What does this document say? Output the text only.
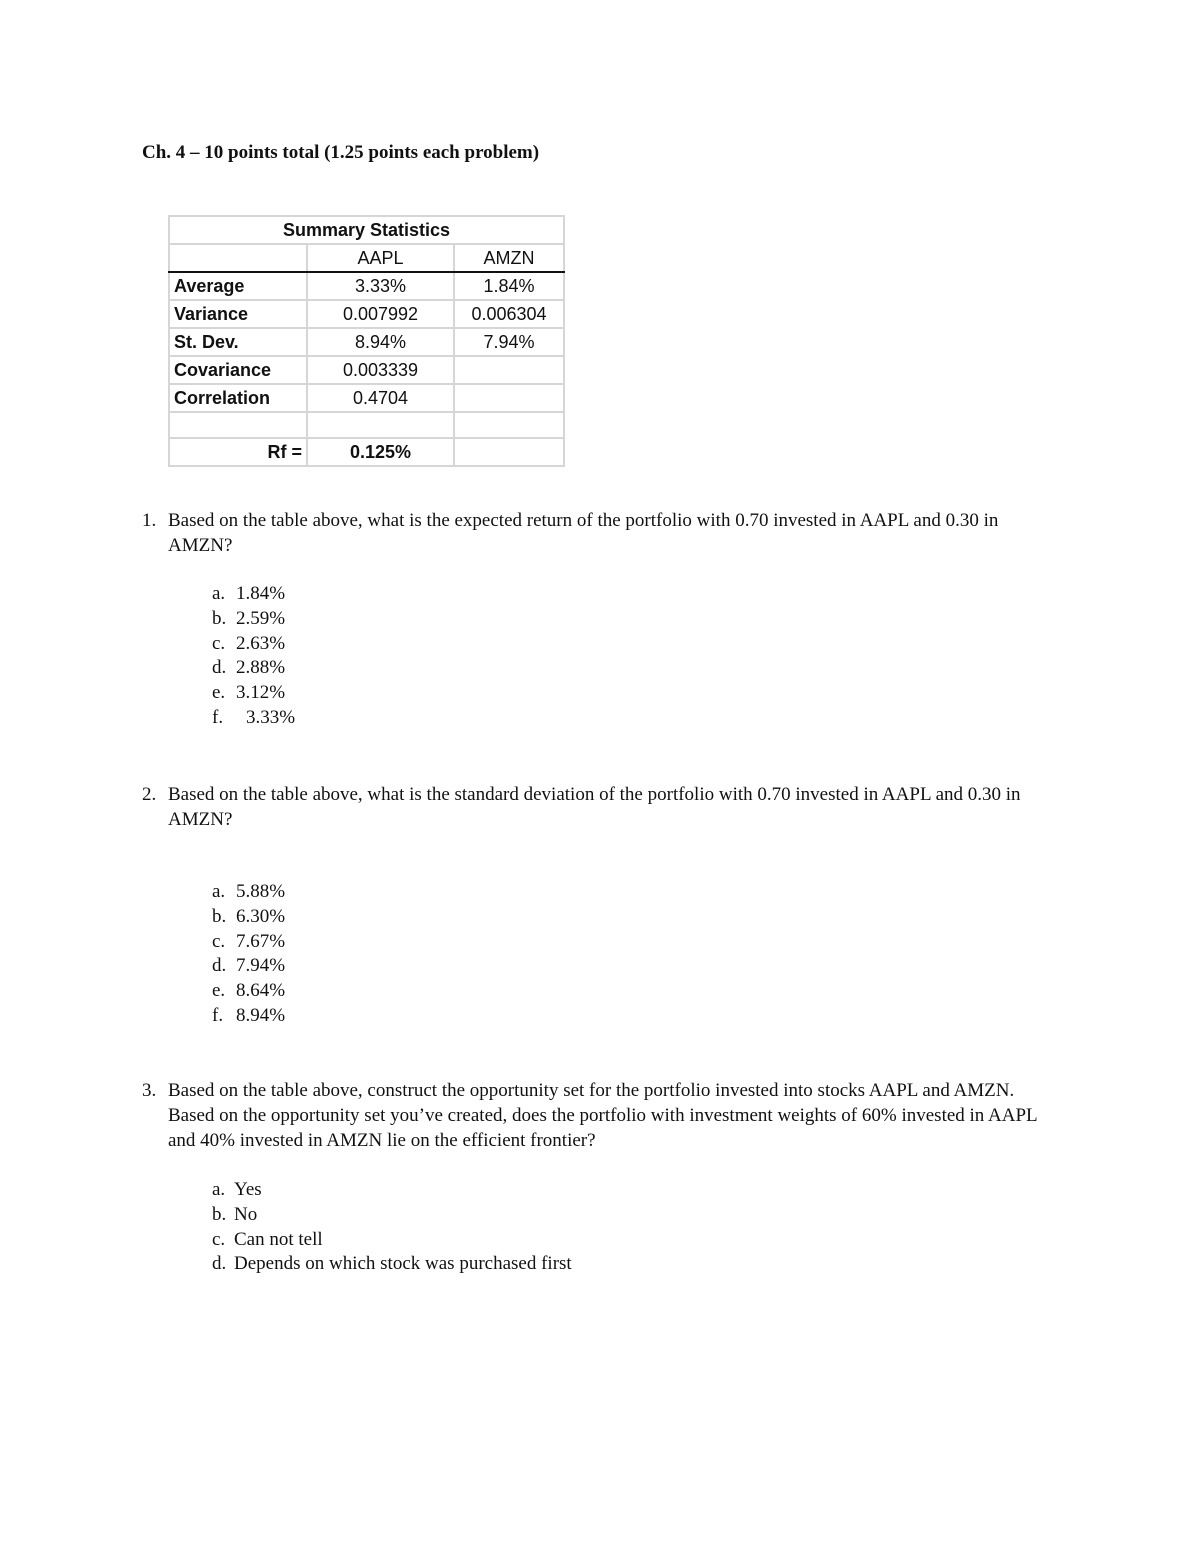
Ch. 4 – 10 points total (1.25 points each problem)
Summary Statistics		
	AAPL	AMZN
Average	3.33%	1.84%
Variance	0.007992	0.006304
St. Dev.	8.94%	7.94%
Covariance	0.003339	
Correlation	0.4704	

Rf =	0.125%	
1. Based on the table above, what is the expected return of the portfolio with 0.70 invested in AAPL and 0.30 in AMZN?
a. 1.84%
b. 2.59%
c. 2.63%
d. 2.88%
e. 3.12%
f. 3.33%
2. Based on the table above, what is the standard deviation of the portfolio with 0.70 invested in AAPL and 0.30 in AMZN?
a. 5.88%
b. 6.30%
c. 7.67%
d. 7.94%
e. 8.64%
f. 8.94%
3. Based on the table above, construct the opportunity set for the portfolio invested into stocks AAPL and AMZN. Based on the opportunity set you’ve created, does the portfolio with investment weights of 60% invested in AAPL and 40% invested in AMZN lie on the efficient frontier?
a. Yes
b. No
c. Can not tell
d. Depends on which stock was purchased first
